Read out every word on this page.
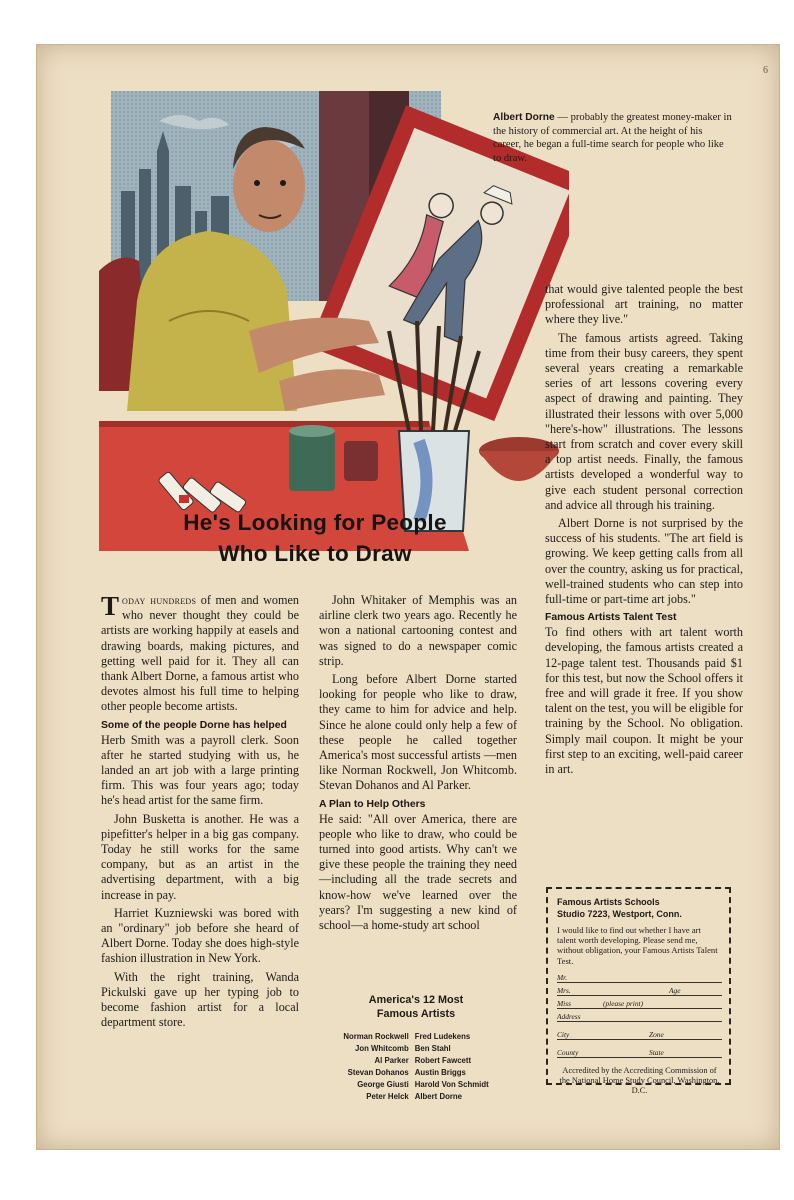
6
Albert Dorne — probably the greatest money-maker in the history of commercial art. At the height of his career, he began a full-time search for people who like to draw.
He's Looking for People
Who Like to Draw

Today hundreds of men and women who never thought they could be artists are working happily at easels and drawing boards, making pictures, and getting well paid for it. They all can thank Albert Dorne, a famous artist who devotes almost his full time to helping other people become artists.

Some of the people Dorne has helped

Herb Smith was a payroll clerk. Soon after he started studying with us, he landed an art job with a large printing firm. This was four years ago; today he's head artist for the same firm.

John Busketta is another. He was a pipefitter's helper in a big gas company. Today he still works for the same company, but as an artist in the advertising department, with a big increase in pay.

Harriet Kuzniewski was bored with an "ordinary" job before she heard of Albert Dorne. Today she does high-style fashion illustration in New York.

With the right training, Wanda Pickulski gave up her typing job to become fashion artist for a local department store.

John Whitaker of Memphis was an airline clerk two years ago. Recently he won a national cartooning contest and was signed to do a newspaper comic strip.

Long before Albert Dorne started looking for people who like to draw, they came to him for advice and help. Since he alone could only help a few of these people he called together America's most successful artists —men like Norman Rockwell, Jon Whitcomb. Stevan Dohanos and Al Parker.

A Plan to Help Others

He said: "All over America, there are people who like to draw, who could be turned into good artists. Why can't we give these people the training they need—including all the trade secrets and know-how we've learned over the years? I'm suggesting a new kind of school—a home-study art school

America's 12 Most
Famous Artists
Norman Rockwell	Fred Ludekens
Jon Whitcomb	Ben Stahl
Al Parker	Robert Fawcett
Stevan Dohanos	Austin Briggs
George Giusti	Harold Von Schmidt
Peter Helck	Albert Dorne

that would give talented people the best professional art training, no matter where they live."

The famous artists agreed. Taking time from their busy careers, they spent several years creating a remarkable series of art lessons covering every aspect of drawing and painting. They illustrated their lessons with over 5,000 "here's-how" illustrations. The lessons start from scratch and cover every skill a top artist needs. Finally, the famous artists developed a wonderful way to give each student personal correction and advice all through his training.

Albert Dorne is not surprised by the success of his students. "The art field is growing. We keep getting calls from all over the country, asking us for practical, well-trained students who can step into full-time or part-time art jobs."

Famous Artists Talent Test

To find others with art talent worth developing, the famous artists created a 12-page talent test. Thousands paid $1 for this test, but now the School offers it free and will grade it free. If you show talent on the test, you will be eligible for training by the School. No obligation. Simply mail coupon. It might be your first step to an exciting, well-paid career in art.

Famous Artists Schools
Studio 7223, Westport, Conn.
I would like to find out whether I have art talent worth developing. Please send me, without obligation, your Famous Artists Talent Test.
Mr.
Mrs.	Age
Miss	(please print)
Address
City	Zone
County	State
Accredited by the Accrediting Commission of the National Home Study Council, Washington, D.C.
